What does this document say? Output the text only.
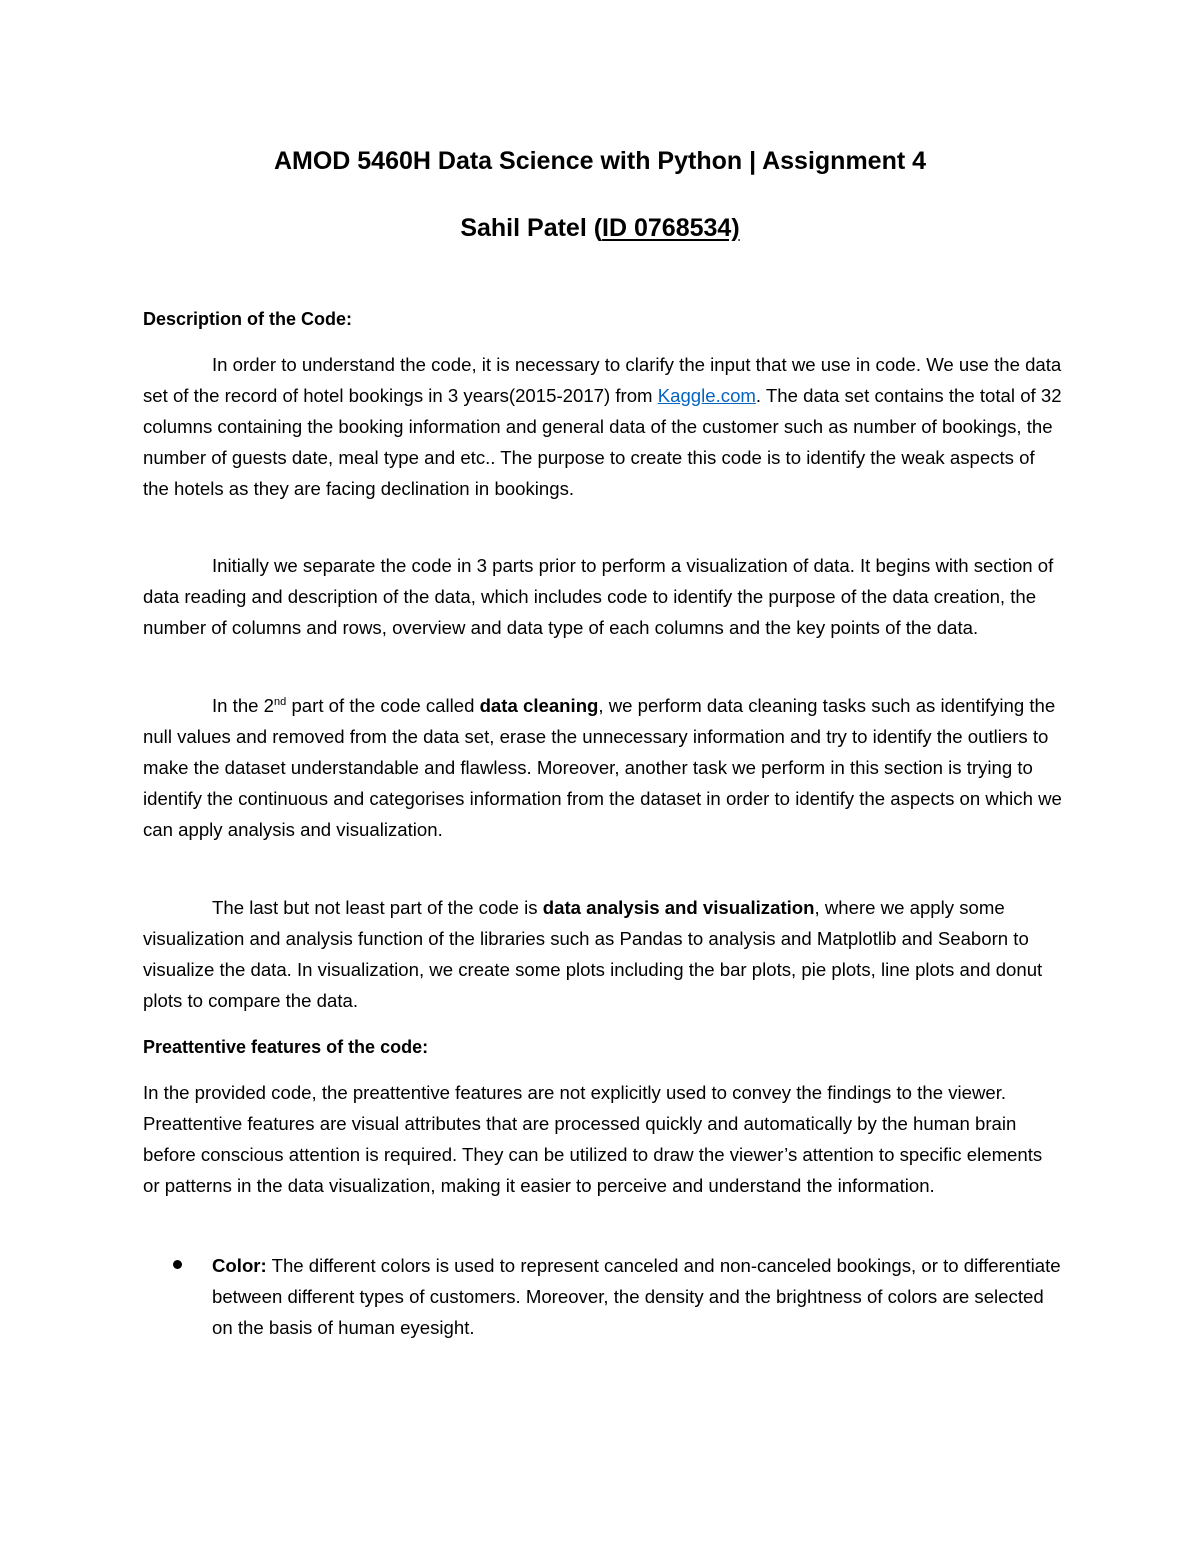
AMOD 5460H Data Science with Python | Assignment 4
Sahil Patel (ID 0768534)
Description of the Code:

In order to understand the code, it is necessary to clarify the input that we use in code. We use the data set of the record of hotel bookings in 3 years(2015-2017) from Kaggle.com. The data set contains the total of 32 columns containing the booking information and general data of the customer such as number of bookings, the number of guests date, meal type and etc.. The purpose to create this code is to identify the weak aspects of the hotels as they are facing declination in bookings.

Initially we separate the code in 3 parts prior to perform a visualization of data. It begins with section of data reading and description of the data, which includes code to identify the purpose of the data creation, the number of columns and rows, overview and data type of each columns and the key points of the data.

In the 2nd part of the code called data cleaning, we perform data cleaning tasks such as identifying the null values and removed from the data set, erase the unnecessary information and try to identify the outliers to make the dataset understandable and flawless. Moreover, another task we perform in this section is trying to identify the continuous and categorises information from the dataset in order to identify the aspects on which we can apply analysis and visualization.

The last but not least part of the code is data analysis and visualization, where we apply some visualization and analysis function of the libraries such as Pandas to analysis and Matplotlib and Seaborn to visualize the data. In visualization, we create some plots including the bar plots, pie plots, line plots and donut plots to compare the data.

Preattentive features of the code:

In the provided code, the preattentive features are not explicitly used to convey the findings to the viewer. Preattentive features are visual attributes that are processed quickly and automatically by the human brain before conscious attention is required. They can be utilized to draw the viewer’s attention to specific elements or patterns in the data visualization, making it easier to perceive and understand the information.

Color: The different colors is used to represent canceled and non-canceled bookings, or to differentiate between different types of customers. Moreover, the density and the brightness of colors are selected on the basis of human eyesight.
